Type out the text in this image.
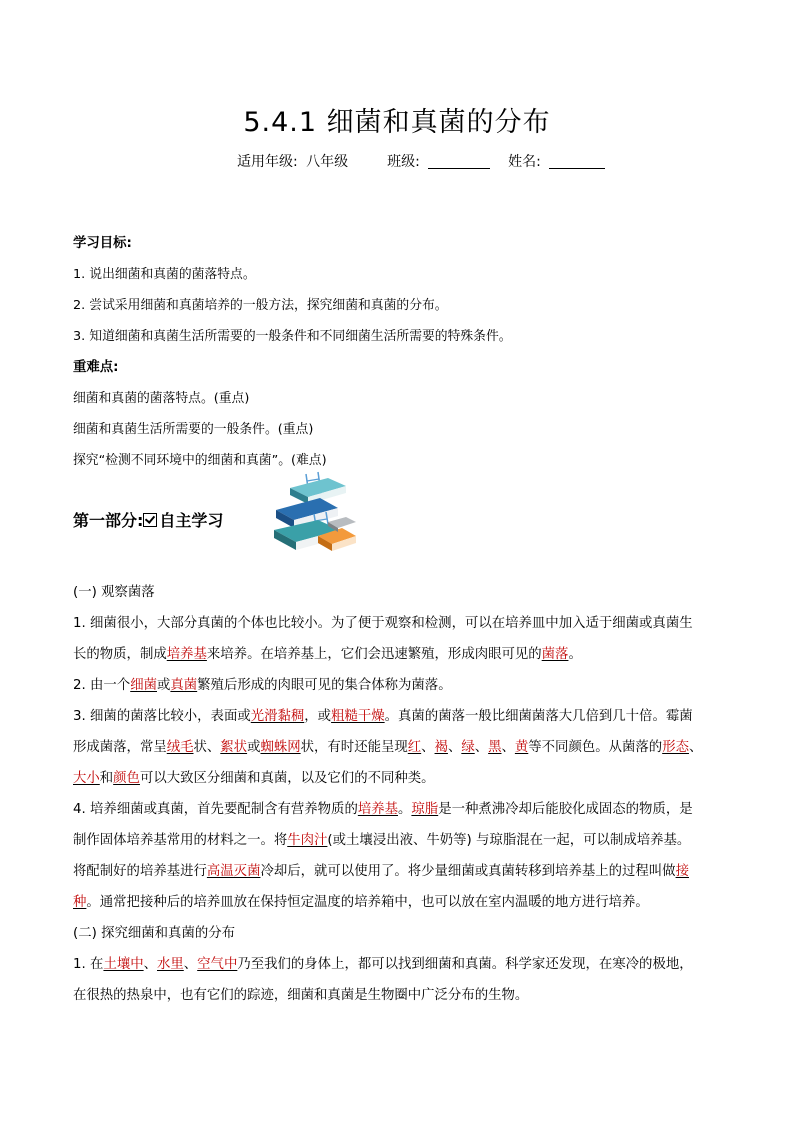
5.4.1 细菌和真菌的分布
适用年级: 八年级	班级:	姓名:
学习目标:
1. 说出细菌和真菌的菌落特点。
2. 尝试采用细菌和真菌培养的一般方法，探究细菌和真菌的分布。
3. 知道细菌和真菌生活所需要的一般条件和不同细菌生活所需要的特殊条件。
重难点:
细菌和真菌的菌落特点。(重点)
细菌和真菌生活所需要的一般条件。(重点)
探究“检测不同环境中的细菌和真菌”。(难点)
第一部分: 自主学习
(一) 观察菌落
1. 细菌很小，大部分真菌的个体也比较小。为了便于观察和检测，可以在培养皿中加入适于细菌或真菌生
长的物质，制成培养基来培养。在培养基上，它们会迅速繁殖，形成肉眼可见的菌落。
2. 由一个细菌或真菌繁殖后形成的肉眼可见的集合体称为菌落。
3. 细菌的菌落比较小，表面或光滑黏稠，或粗糙干燥。真菌的菌落一般比细菌菌落大几倍到几十倍。霉菌
形成菌落，常呈绒毛状、絮状或蜘蛛网状，有时还能呈现红、褐、绿、黑、黄等不同颜色。从菌落的形态、
大小和颜色可以大致区分细菌和真菌，以及它们的不同种类。
4. 培养细菌或真菌，首先要配制含有营养物质的培养基。琼脂是一种煮沸冷却后能胶化成固态的物质，是
制作固体培养基常用的材料之一。将牛肉汁(或土壤浸出液、牛奶等) 与琼脂混在一起，可以制成培养基。
将配制好的培养基进行高温灭菌冷却后，就可以使用了。将少量细菌或真菌转移到培养基上的过程叫做接
种。通常把接种后的培养皿放在保持恒定温度的培养箱中，也可以放在室内温暖的地方进行培养。
(二) 探究细菌和真菌的分布
1. 在土壤中、水里、空气中乃至我们的身体上，都可以找到细菌和真菌。科学家还发现，在寒冷的极地，
在很热的热泉中，也有它们的踪迹，细菌和真菌是生物圈中广泛分布的生物。
